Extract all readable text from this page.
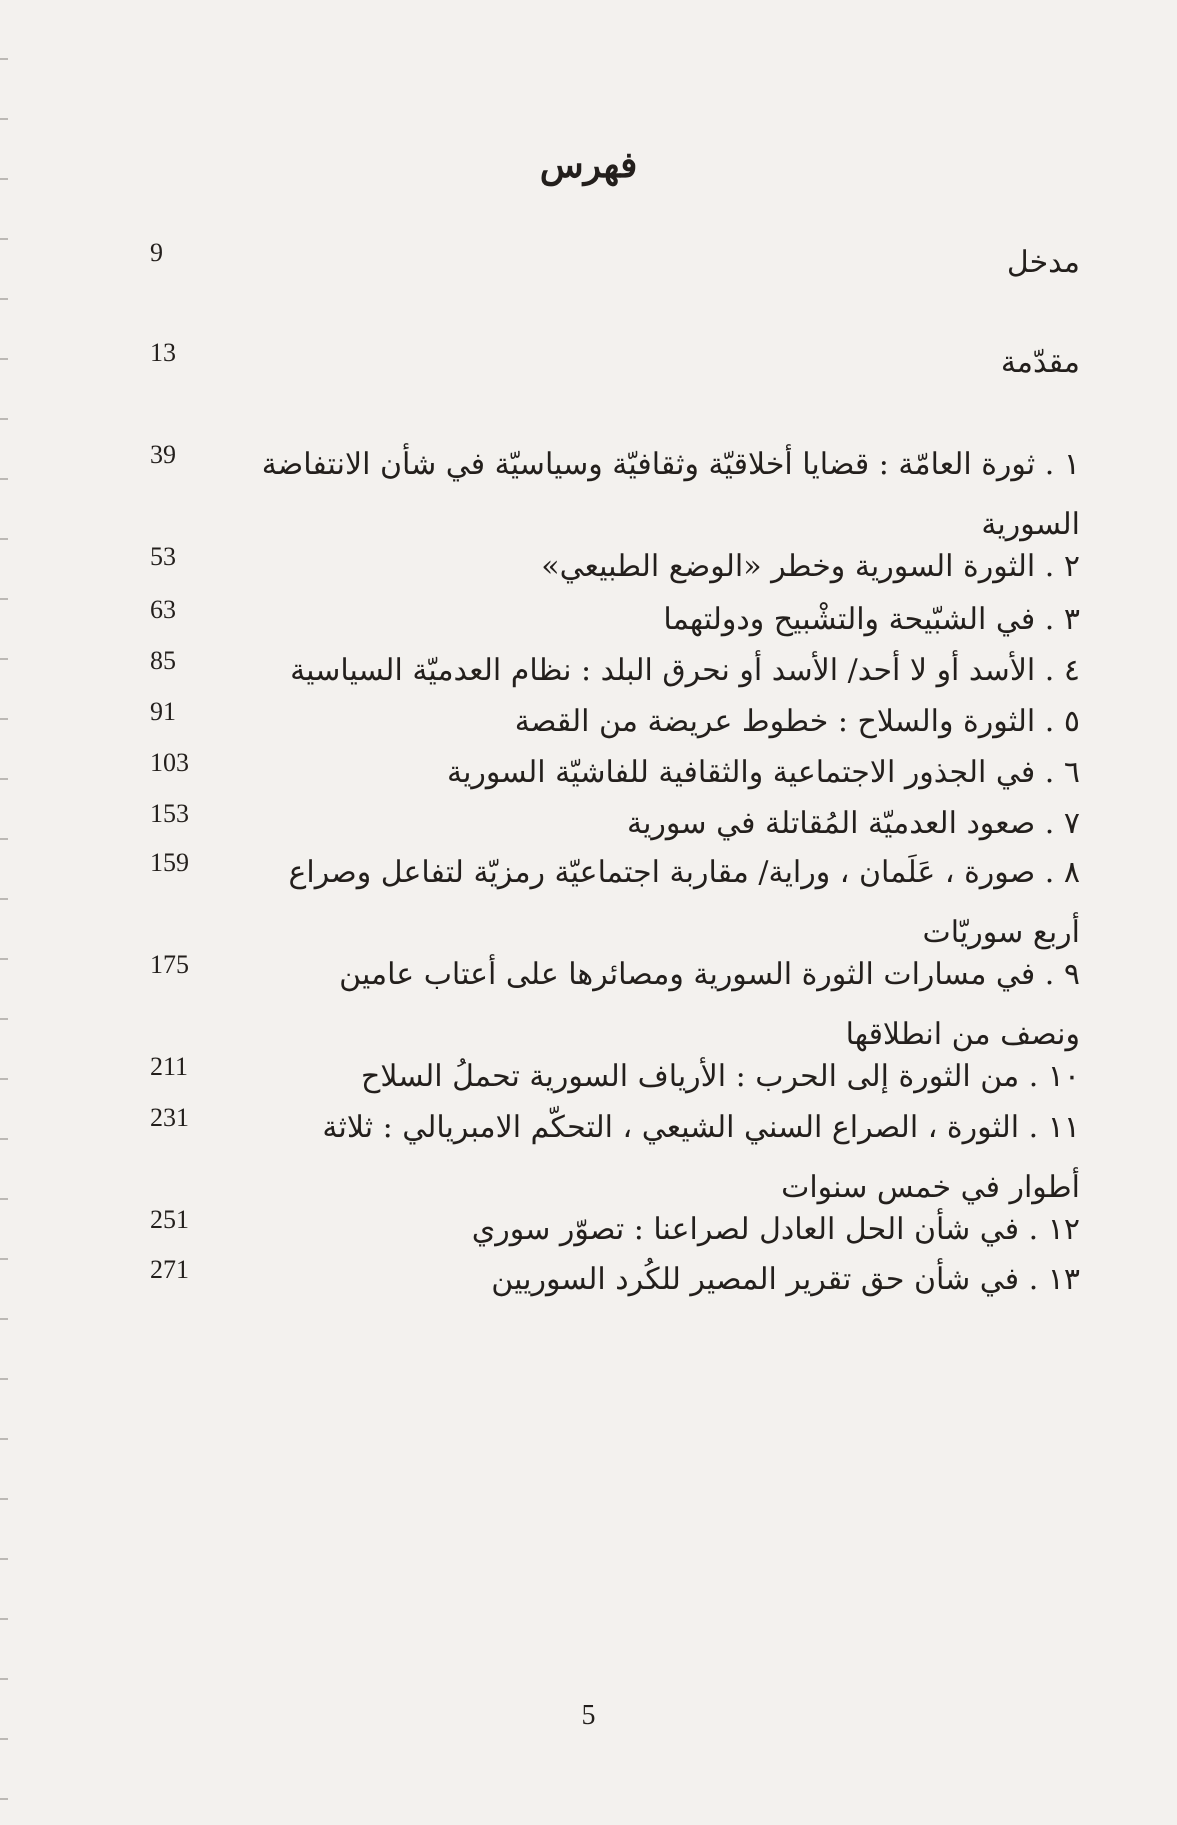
فهرس
9	مدخل
13	مقدّمة
39	١ . ثورة العامّة : قضايا أخلاقيّة وثقافيّة وسياسيّة في شأن الانتفاضة السورية
53	٢ . الثورة السورية وخطر «الوضع الطبيعي»
63	٣ . في الشبّيحة والتشْبيح ودولتهما
85	٤ . الأسد أو لا أحد/ الأسد أو نحرق البلد : نظام العدميّة السياسية
91	٥ . الثورة والسلاح : خطوط عريضة من القصة
103	٦ . في الجذور الاجتماعية والثقافية للفاشيّة السورية
153	٧ . صعود العدميّة المُقاتلة في سورية
159	٨ . صورة ، عَلَمان ، وراية/ مقاربة اجتماعيّة رمزيّة لتفاعل وصراع أربع سوريّات
175	٩ . في مسارات الثورة السورية ومصائرها على أعتاب عامين ونصف من انطلاقها
211	١٠ . من الثورة إلى الحرب : الأرياف السورية تحملُ السلاح
231	١١ . الثورة ، الصراع السني الشيعي ، التحكّم الامبريالي : ثلاثة أطوار في خمس سنوات
251	١٢ . في شأن الحل العادل لصراعنا : تصوّر سوري
271	١٣ . في شأن حق تقرير المصير للكُرد السوريين
5
